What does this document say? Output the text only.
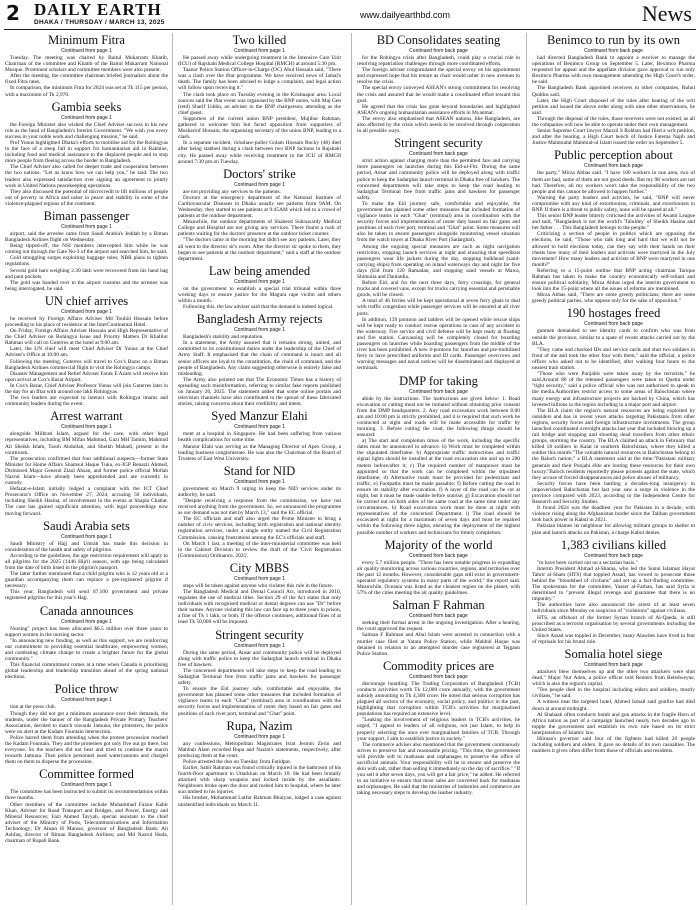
2 DAILY EARTH
DHAKA / THURSDAY / MARCH 13, 2025
www.dailyearthbd.com	News
Minimum Fitra
Continued from page 1

Tuesday. The meeting was chaired by Baitul Mukarram Khatib, Chairman of the committee and Khatib of the Baitul Mukarram National Mosque. Prominent scholars and committee members were also present.

After the meeting, the committee chairman briefed journalists about the fixed Fitra rates.

In comparison, the minimum Fitra for 2024 was set at Tk 115 per person, with a maximum of Tk 2,970.

Gambia seeks
Continued from page 1

the Foreign Minister also wished the Chief Adviser success in his new role as the head of Bangladesh's Interim Government. "We wish you every success in your noble work and challenging mission," he said.

Prof Yunus highlighted Dhaka's efforts to mobilise aid for the Rohingyas in the face of a steep fall in support for humanitarian aid in Rakhine, including food and medical assistance to the displaced people and to stop more people from fleeing across the border to Bangladesh.

The Chief Adviser also called for deeper trade and cooperation between the two nations. "Let us know how we can help you," he said. The two leaders also expressed satisfaction over signing an agreement to jointly work in United Nations peacekeeping operations.

They also discussed the potential of microcredit to lift millions of people out of poverty in Africa and usher in peace and stability in some of the violence-plagued regions of the continent.

Biman passenger
Continued from page 1

airport, said the arrestee came from Saudi Arabia's Jeddah by a Biman Bangladesh Airlines flight on Wednesday.

Being tipped-off, the NSI members intercepted him while he was coming out through the Gate No-3 of the airport and searched him, he said.

Gold smuggling surges exploiting baggage rules; NBR plans to tighten regulations.

Several gold bars weighing 2.30 lakh were recovered from his hand bag and pant pockets.

The gold was handed over to the airport customs and the arrestee was being interrogated, he said.

UN chief arrives
Continued from page 1

he received by Foreign Affairs Adviser Md Touhid Hossain before proceeding to his place of residence at the InterContinental Hotel.

On Friday, Foreign Affairs Adviser Hossain and High Representative of the Chief Adviser on Rohingya Issue and Priority Matters Dr Khalilur Rahman will call on Guterres at the hotel at 9:00 am.

Later, the UN chief will meet Chief Adviser Dr Yunus at the Chief Adviser's Office at 10:00 am.

Following the meeting, Guterres will travel to Cox's Bazar on a Biman Bangladesh Airlines commercial flight to visit the Rohingya camps.

Disaster Management and Relief Adviser Faruk E Azam will receive him upon arrival at Cox's Bazar Airport.

In Cox's Bazar, Chief Adviser Professor Yunus will join Guterres later in the day for an Iftar with around one lakh Rohingyas.

The two leaders are expected to interact with Rohingya imams and community leaders during the event.

Arrest warrant
Continued from page 1

alongside Milbrati Islam, argued for the case, with other legal representatives, including BM Mifan Mahmud, Gazi MH Tamim, Mahmud Ali Sheikh Islam, Taroh Abdullah, and Sheikh Mahadi, present in the courtroom.

The prosecution confirmed that four additional suspects—former State Minister for Home Affairs Shamsul Haque Tuku, ex-IGP Benazir Ahmed, Dismissed Major General Ziaul Ahsan, and former police official Mollah Nazrul Islam—have already been apprehended and are currently in custody.

Hefazat-e-Islam initially lodged a complaint with the ICT Chief Prosecutor's Office on November 27, 2024, accusing 50 individuals, including Sheikh Hasina, of involvement in the events at Shapla Chattar. The case has gained significant attention, with legal proceedings now moving forward.

Saudi Arabia sets
Continued from page 1

Saudi Ministry of Hajj and Umrah has made this decision in consideration of the health and safety of pilgrims.

According to the guidelines, the age restriction requirement will apply to all pilgrims for the 2025 (1446 Hijri) season, with age being calculated from the date of birth listed in the pilgrim's passport.

The latter further mentioned that a child pilgrim who is 12 years old or a guardian accompanying them can replace a pre-registered pilgrim if necessary.

This year, Bangladesh will send 87,100 government and private registered pilgrims for this year's Hajj.

Canada announces
Continued from page 1

Nursing" project has been allocated $6.5 million over three years to support women in the nursing sector.

"In announcing new funding, as well as this support, we are reinforcing our commitment to providing essential healthcare, empowering women, and combating climate change to create a brighter future for the global community."

This financial commitment comes at a time when Canada is prioritising global leadership and leadership transition ahead of the spring national elections.

Police throw
Continued from page 1

tion at the press club.

Though they did not get a minimum assurance over their demands, the students, under the banner of the Bangladesh Private Primary Teachers' Association, decided to march towards Jamuna, the protesters, the police were on alert at the Kadam Fountain intersection.

Police barred them from attending when the protest procession reached the Kadam Fountain. They and the protesters got only five out go there, but everyone. So the teachers did not hear and tried to continue the march towards Jamuna. Then police personnel used watercannons and charged them on them to disperse the procession.

Committee formed
Continued from page 1

The committee has been instructed to submit its recommendations within three months.

Other members of the committee include Muhammad Faizur Kabir Khan, Adviser for Road Transport and Bridges, and Power, Energy and Mineral Resources; Fazi Ahmed Tayyab, special assistant to the chief adviser of the Ministry of Posts, Telecommunications and Information Technology; Dr Ahsan H Mansur, governor of Bangladesh Bank; Ali Ashfaq, director of Biman Bangladesh Airlines; and Md Nazrul Huda, chairman of Rupali Bank.

Two killed
Continued from page 1

He passed away while undergoing treatment in the Intensive Care Unit (ICU) of Rajshahi Medical College Hospital (RMCH) at around 5:30 pm.

Taanor Police Station Officer-in-Charge (OC) Abul Hossain said, "There was a clash over the iftar programme. We have received news of Jamal's death. The family has been advised to lodge a complaint, and legal action will follow upon receiving it."

The clash took place on Tuesday evening in the Krishnapur area. Local sources said the iftar event was organised by the BNP union, with Maj Gen (retd) Sharif Uddin, an adviser to the BNP chairperson, attending as the chief guest.

Supporters of the current union BNP president, Mujibur Rahman, gathered to welcome him but faced opposition from supporters of Mosharrof Hossain, the organising secretary of the union BNP, leading to a clash.

In a separate incident, rickshaw-puller Golam Hossain Rocky (48) died after being stabbed during a clash between two BNP factions in Rajshahi city. He passed away while receiving treatment in the ICU of RMCH around 7:30 pm on Tuesday.

Doctors' strike
Continued from page 1

are not providing any services to the patients.

Doctors at the emergency department of the National Institute of Cardiovascular Diseases in Dhaka usually see patients from 9AM. On Wednesday, they started to see patients at 9:45AM which led to a crowd of patients at the outdoor department.

Meanwhile, the outdoor departments of Shaheed Suhrawardy Medical College and Hospital are not giving any services. There found a rush of patients waiting for the doctors' presence at the outdoor ticket counter.

"The doctors came in the morning but didn't see any patients. Later, they all went to the director sir's room. After the director sir spoke to them, they began to see patients at the outdoor department," said a staff at the outdoor department.

Law being amended
Continued from page 1

on the government to establish a special trial tribunal within three working days to ensure justice for the Magura rape victim and others within a month.

Following this, the law adviser said that the demand is indeed logical.

Bangladesh Army rejects
Continued from page 1

Bangladesh's stability and reputation.

In a statement, the Army assured that it remains strong, united, and committed to its constitutional duties under the leadership of the Chief of Army Staff. It emphasised that the chain of command is intact and all senior officers are loyal to the constitution, the chain of command, and the people of Bangladesh. Any claim suggesting otherwise is entirely false and misleading.

The Army also pointed out that The Economic Times has a history of spreading such misinformation, referring to similar fake reports published on January 26, 2025. The statement added that some online portals and television channels have also contributed to the spread of these fabricated stories, raising concerns about their credibility and intent.

Syed Manzur Elahi
Continued from page 1

ment at a hospital in Singapore. He had been suffering from various health complications for some time.

Manzur Elahi was serving as the Managing Director of Apex Group, a leading business conglomerate. He was also the Chairman of the Board of Trustees of East West University.

Stand for NID
Continued from page 1

government on March 9 urging to keep the NID services under its authority, he said.

"Despite receiving a response from the commission, we have not received anything from the government. So, we announced the programme as our demand was not met by March 13," said the EC official.

The EC officials and staff also urged the Prime Minister to bring a number of civic services, including birth registration and national identity registration services, under a single entity named the Civil Registration Commission, causing frustrations among the EC's officials and staff.

On March 1 last, a meeting of the inter-ministerial committee was held in the Cabinet Division to review the draft of the 'Civil Registration (Commission) Ordinance, 2025'.

City MBBS
Continued from page 1

steps will be taken against anyone who violates this rule in the future.

The Bangladesh Medical and Dental Council Act, introduced in 2010, regulates the use of medical titles. Section 29 of the Act states that only individuals with recognised medical or dental degrees can use "Dr" before their names. Anyone violating this law can face up to three years in prison, a fine of Tk 1 lakh, or both. If the offence continues, additional fines of at least Tk 50,000 will be imposed.

Stringent security
Continued from page 1

During the same period, Ansar and community police will be deployed along with traffic police to keep the Sadarghat launch terminal in Dhaka free of hawkers.

The concerned departments will take steps to keep the road leading to Sadarghat Terminal free from traffic jams and hawkers for passenger safety.

To ensure the Eid journey safe, comfortable and enjoyable, the government has planned some other measures that included formation of vigilance teams in each "Ghat" (terminal) area in coordination with the security forces and implementation of roster duty based on fair gates and positions of each river port, terminal and "Ghat" point.

Rupa, Nazim
Continued from page 1

any confessions, Metropolitan Magistrates Israt Jesmin Zerin and Mahbub Alam recorded Rupa and Nazim's statements, respectively, after producing them at the court.

Police arrested the duo on Tuesday from Faridpur.

Earlier, Sabir Rahman was found critically injured in the bathroom of his fourth-floor apartment in Uttarkhan on March 10. He had been brutally attacked with sharp weapons and locked inside by the assailants. Neighbours broke open the door and rushed him to hospital, where he later succumbed to his injuries.

His brother, Mohammad Lutfor Rahman Bhuiyan, lodged a case against unidentified individuals on March 11.

BD Consolidates seating
Continued from back page

for the Rohingya crisis after Bangladesh, could play a crucial role in resolving repatriation challenges through more coordinated efforts.

The foreign adviser congratulated the special envoy on his appointment and expressed hope that his tenure as chair would usher in new avenues to resolve the crisis.

The special envoy conveyed ASEAN's strong commitment for resolving the crisis and assured that he would make a coordinated effort toward this goal.

He agreed that the crisis has gone beyond boundaries and highlighted ASEAN's ongoing humanitarian assistance efforts in Myanmar.

The envoy also emphasised that ASEAN nations, like Bangladesh, are also affected by the crisis which needs to be resolved through cooperation in all possible ways.

Stringent security
Continued from back page

strict action against charging more than the permitted fare and carrying more passengers on launches during this Eid-ul-Fitr. During the same period, Ansar and community police will be deployed along with traffic police to keep the Sadarghat launch terminal in Dhaka free of hawkers. The concerned departments will take steps to keep the road leading to Sadarghat Terminal free from traffic jams and hawkers for passenger safety.

To make the Eid journey safe, comfortable and enjoyable, the government has planned some other measures that included formation of vigilance teams in each "Ghat" (terminal) area in coordination with the security forces and implementation of roster duty based on fair gates and positions of each river port, terminal and "Ghat" point. Some measures will also be taken to ensure passengers alongside monitoring vessel situation from the watch tower at Dhaka River Port (Sadarghat).

Among the ongoing special measures are such as night navigation restriction, stopping launch services at night and ensuring that speedboat passengers wear life jackets during the day, stopping bulkhead (sand-carrying ships) from operating on inland waterways day and night for five days (Eid from 120 Ramadan, and stopping sand vessels at Mawa, Shimulia and Daulatdia.

Before Eid, and for the next three days, ferry crossings, for general trucks and covered vans, except for trucks carrying essential and perishable goods, will be closed.

A total of 46 ferries will be kept operational at seven ferry ghats to deal with traffic congestion while passenger services will be ensured at all river ports.

In addition, 139 pontoon and ladders will be opened while rescue ships will be kept ready to conduct rescue operations in case of any accident in the waterway. Fire service and civil defense will be kept ready at floating and fire station. Canvassing will be completely closed for boarding passengers on launches while boarding passengers from the middle of the river has been prohibited. A new 4-pontoon for launches and pre-mobilised ferry to have prescribed uniforms and ID cards. Passenger overcrows and warning messages and naval notices will be disseminated and displayed at terminals.

DMP for taking
Continued from back page

abide by the instructions. The instructions are given below: 1. Road excavation or cutting must not be initiated without obtaining prior consent from the DMP headquarters. 2. Any road excavation work between 8:00 am and 10:00 pm is strictly prohibited, and it is required that such work be conducted at night and roads will be made accessible for traffic by morning. 3. Before cutting the road, the following things should be ensured:

a) The start and completion times of the work, including the specific dates must be announced in advance. b) Work must be completed within the stipulated timeframe. b) Appropriate traffic instructions and traffic signal lights should be installed at the road excavation site and up to 200 meters before/after it; c) The required number of manpower must be appointed so that the work can be completed within the stipulated timeframe; d) Alternative roads must be provided for pedestrians and traffic; e) Footpaths must be made passable; f) Before cutting the road to ensure its stability after excavation. f) A layer of the road can be cut at night, but it must be made usable before sunrise; g) Excavation should not be carried out on both sides of the same road at the same time under any circumstances. h) Road excavation work must be done at night with representatives of the concerned Department. i) The road should be excavated at night for a maximum of seven days and must be repaired within the following three nights, ensuring the deployment of the highest possible number of workers and technicians for timely completion.

Majority of the world
Continued from back page

every 5.7 million people. "There has been notable progress in expanding air quality monitoring across various countries, regions, and territories over the past 12 months. However, considerable gaps still exist in government-operated regulatory systems in many parts of the world," the report said. Meanwhile, Oceania was listed as the cleanest region on the planet, with 57% of the cities meeting the air quality guidelines.

Salman F Rahman
Continued from back page

seeking their formal arrest in the ongoing investigation. After a hearing, the court approved the request.

Salman F Rahman and Abul Islam were arrested in connection with a murder case filed at Yatara Police Station, while Mahbul Haque was detained in relation to an attempted murder case registered at Tejgaon Police Station.

Commodity prices are
Continued from back page

discourage hoarding. The Trading Corporation of Bangladesh (TCB) conducts activities worth Tk 12,000 crore annually, with the government subsidy amounting to Tk 4,300 crore. He noted that serious corruption has plagued all sectors of the economy, social policy, and politics in the past, highlighting that corruption within TCB's activities for marginalised populations has required an extensive level.

"Leaking the involvement of religious leaders in TCB's activities, he urged, "I appeal to leaders of all religions, not just Islam, to help in properly selecting the once ever marginalised families of TCB. Through your support, I aim to establish justice in society."

The commerce adviser also mentioned that the government continuously strives to preserve fair and reasonable pricing. "This time, the government will provide soft to madrasas and orphanages to preserve the office of sacrificial animals. Your responsibility will be to ensure and preserve the skin with salt, rather than selling it immediately on the day of sacrifice." "If you sell it after seven days, you will get a fair price," he added. He referred to an initiative to ensure that most sales are converted back for madrasas and orphanages. He said that the ministries of industries and commerce are taking necessary steps to develop the leather industry.

Benimco to run by its own
Continued from back page

had directed Bangladesh Bank to appoint a receiver to manage the operations of Benimco Group on September 5. Later, Beximco Pharma requested for appeal and the appellate division gave approval to run only Beximco Pharma with own management amending the High Court's order, he said.

The Bangladesh Bank appointed receivers to other companies, Ruhul Quddus said.

Later, the High Court disposed of the rules after hearing of the writ petition and issued the above order along with nine other observations, he said.

Through the disposal of the rules, those receivers were not existed, as all the companies will now be able to operate under their own management.

Senior Supreme Court lawyer Manzil S Rohban had filed a writ petition, and after the hearing, a High Court bench of Justice Fatema Najib and Justice Mahmudul Mahmud-ul Islam issued the order on September 5.

Public perception about
Continued from back page

the party," Mirza Abbas said. "I have 100 workers in one area, two of them are bad, some of them are not good deeds. But my 98 workers are not bad. Therefore, all my workers won't take the responsibility of the two people and this cannot be allowed to happen further."

Warning the party leaders and activists, he said, "BNP will never compromise with any kind of extortionists, criminals, and extortionists in BNP. If there is a threat to public safety, none will be spared at all."

This senior BNP leader bitterly criticised the activities of Awami League and said, "Bangladesh is not the world's 'Taluldey' of Sheikh Hasina and her father . . . This Bangladesh belongs to the people."

Criticizing a section of people in politics which are opposing the elections, he said, "Those who talk long and hard that we will not be allowed to hold elections today, can they say with their hands on their chests how many of their leaders and activists were martyred in the July movement? How many leaders and activists of BNP were martyred in one month?"

Referring to a 15-point outline that BNP acting chairman Tarique Rahman has taken to make the country economically self-reliant and ensure political solidarity, Mirza Abbas urged the interim government to look into the 15-point where all the issues of reforms are mentioned.

Mirza Abbas said, "There are some greedy politicians; there are some greedy political parties, who oppose only for the sake of opposition."

190 hostages freed
Continued from back page

gunmen demanded to see identity cards to confirm who was from outside the province, similar to a spate of recent attacks carried out by the BLA.

"They came and checked IDs and service cards and shot two soldiers in front of me and took the other four with them," said the official, a police officer who asked not to be identified, after walking four hours to the nearest train station.

"Those who were Punjabis were taken away by the terrorists," he said.Around 80 of the released passengers were taken to Quetta under "tight security," said a police official who was not authorised to speak to the media.Authorities restrict access to some areas of Balochistan where many energy and infrastructure projects are backed by China, which has invested billions in the region including in a major port and airport.

The BLA claim the region's natural resources are being exploited by outsiders and has in recent years attacks targeting Pakistanis from other regions, security forces and foreign infrastructure investments. The group launched coordinated overnight attacks last year that included blowing up a rail bridge and stopping and shooting dead travellers from other ethnic groups, storming the country. The BLA claimed an attack in February that killed 18 soldiers in Kalat in southern Balochistan, where they killed a soldier this month."The valuable natural resources in Balochistan belong to the Baloch nation," a BLA statement said at the time:"Pakistani military generals and their Punjabi élite are looting these resources for their own luxury."Baloch residents reportedly please protests against the state, which they accuse of forced disappearances and police abuses of militancy.

Security forces have been battling a decades-long insurgency in impoverished Balochistan but last year saw a surge in violence in the province compared with 2023, according to the Independent Centre for Research and Security Studies.

It found 2024 was the deadliest year for Pakistan in a decade, with violence rising along the Afghanistan border since the Taliban government took back power in Kabul in 2021.

Pakistan blames its neighbour for allowing militant groups to shelter to plan and launch attacks on Pakistan, a charge Kabul denies.

1,383 civilians killed
Continued from back page

"to have been carried out on a sectarian basis."

Interim President Ahmad al-Sharaa, who led the Sunni Islamist Hayat Tahrir al-Sham (HTS) that toppled Assad, has vowed to prosecute those behind the "bloodshed of civilians" and set up a fact-finding committee. The spokesman for the committee, Yasser al-Farhan, has said Syria is determined to "prevent illegal revenge and guarantee that there is no impunity."

The authorities have also announced the arrest of at least seven individuals since Monday on suspicion of "violations" against civilians.

HTS, an offshoot of the former Syrian branch of Al-Qaeda, is still proscribed as a terrorist organisation by several governments including the United States.

Since Assad was toppled in December, many Alawites have lived in fear of reprisals for his brutal rule.

Somalia hotel siege
Continued from back page

attackers blew themselves up and the other two attackers were shot dead," Major Nur Aden, a police officer told Reuters from Beledweyne, which is also the region's capital.

"Ten people died in the hospital including elders and soldiers, mostly civilians," he said.

A witness near the targeted hotel, Ahmed Ismail said gunfire had died down at around midnight.

Al Shabaab often conducts bomb and gun attacks in the fragile Horn of Africa nation as part of a campaign launched nearly two decades ago to topple the government and establish its own rule based on its strict interpretation of Islamic law.

Hiiraan's governor said four of the fighters had killed 20 people including soldiers and elders. It gave no details of its own casualties. The numbers it gives often differ from those of officials and residents.
